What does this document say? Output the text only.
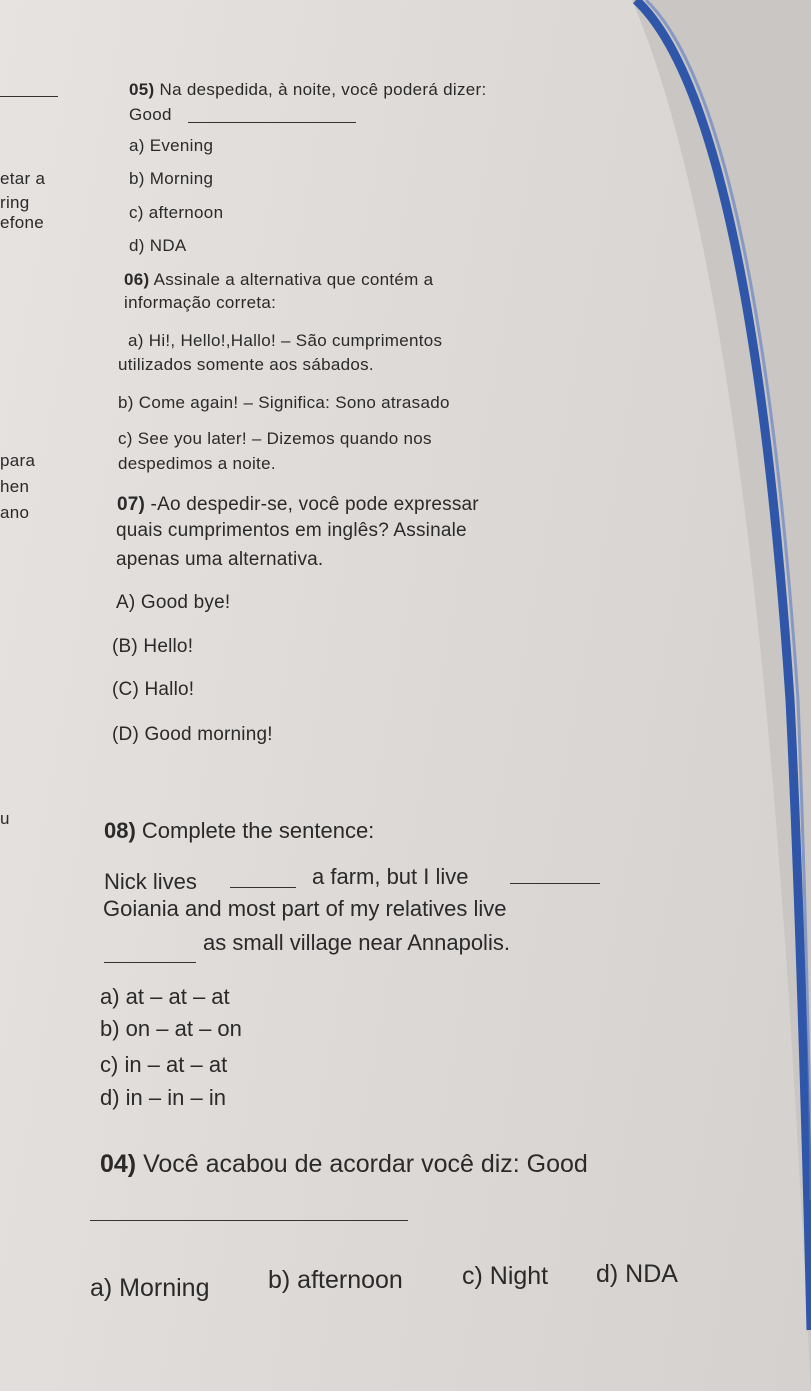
etar a
ring
efone
para
hen
ano
u
05) Na despedida, à noite, você poderá dizer:
Good
a) Evening
b) Morning
c) afternoon
d) NDA
06) Assinale a alternativa que contém a
informação correta:
a) Hi!, Hello!,Hallo! – São cumprimentos
utilizados somente aos sábados.
b) Come again! – Significa: Sono atrasado
c) See you later! – Dizemos quando nos
despedimos a noite.
07) -Ao despedir-se, você pode expressar
quais cumprimentos em inglês? Assinale
apenas uma alternativa.
A) Good bye!
(B) Hello!
(C) Hallo!
(D) Good morning!
08) Complete the sentence:
Nick lives	a farm, but I live
Goiania and most part of my relatives live
as small village near Annapolis.
a) at – at – at
b) on – at – on
c) in – at – at
d) in – in – in
04) Você acabou de acordar você diz: Good
a) Morning b) afternoon c) Night d) NDA
